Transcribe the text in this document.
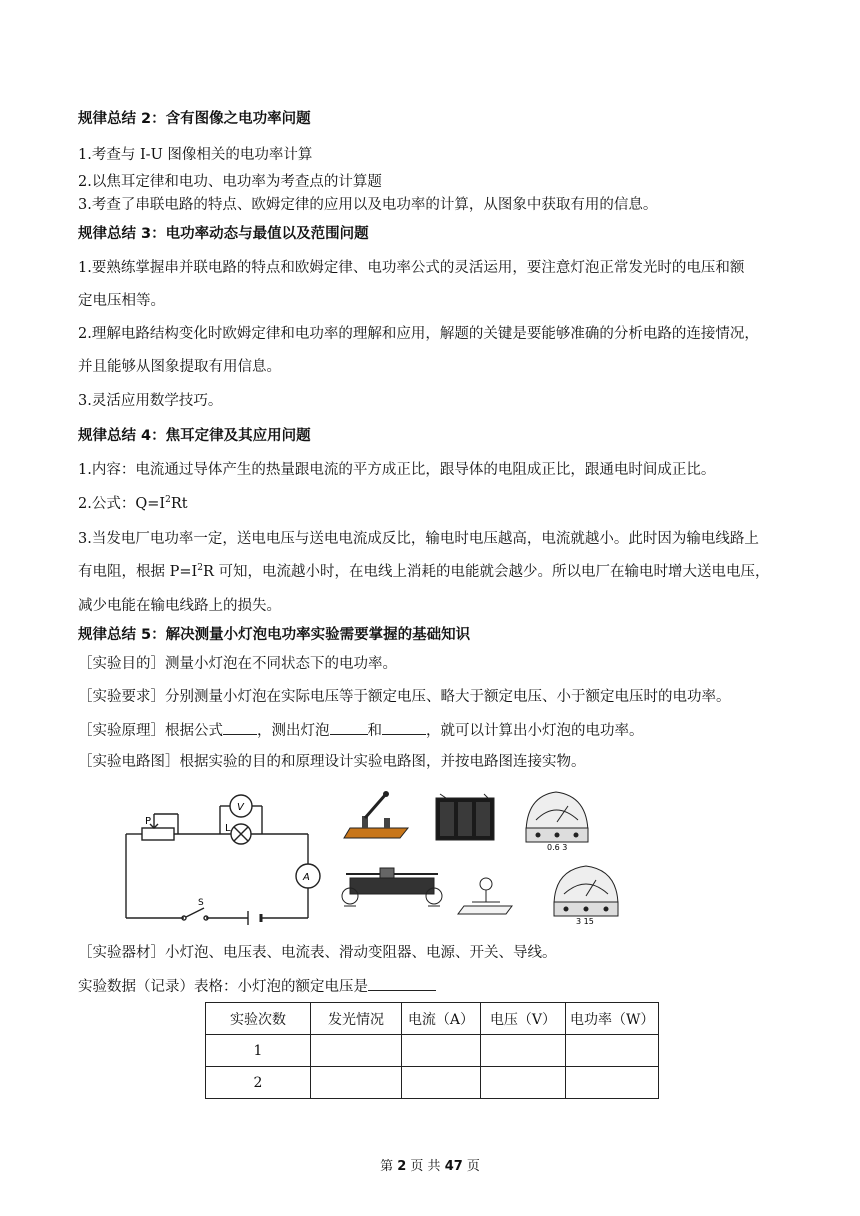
规律总结 2：含有图像之电功率问题
1.考查与 I-U 图像相关的电功率计算
2.以焦耳定律和电功、电功率为考查点的计算题
3.考查了串联电路的特点、欧姆定律的应用以及电功率的计算，从图象中获取有用的信息。
规律总结 3：电功率动态与最值以及范围问题
1.要熟练掌握串并联电路的特点和欧姆定律、电功率公式的灵活运用，要注意灯泡正常发光时的电压和额
定电压相等。
2.理解电路结构变化时欧姆定律和电功率的理解和应用，解题的关键是要能够准确的分析电路的连接情况，
并且能够从图象提取有用信息。
3.灵活应用数学技巧。
规律总结 4：焦耳定律及其应用问题
1.内容：电流通过导体产生的热量跟电流的平方成正比，跟导体的电阻成正比，跟通电时间成正比。
2.公式：$Q=I^2Rt$
3.当发电厂电功率一定，送电电压与送电电流成反比，输电时电压越高，电流就越小。此时因为输电线路上
有电阻，根据 $P=I^2R$ 可知，电流越小时，在电线上消耗的电能就会越少。所以电厂在输电时增大送电电压，
减少电能在输电线路上的损失。
规律总结 5：解决测量小灯泡电功率实验需要掌握的基础知识
［实验目的］测量小灯泡在不同状态下的电功率。
［实验要求］分别测量小灯泡在实际电压等于额定电压、略大于额定电压、小于额定电压时的电功率。
［实验原理］根据公式 ，测出灯泡	和	，就可以计算出小灯泡的电功率。
［实验电路图］根据实验的目的和原理设计实验电路图，并按电路图连接实物。
P
L
V
A
S
0.6 3
3 15
［实验器材］小灯泡、电压表、电流表、滑动变阻器、电源、开关、导线。
实验数据（记录）表格：小灯泡的额定电压是
实验次数	发光情况	电流（A）	电压（V）	电功率（W）
1				
2				
第 2 页 共 47 页
